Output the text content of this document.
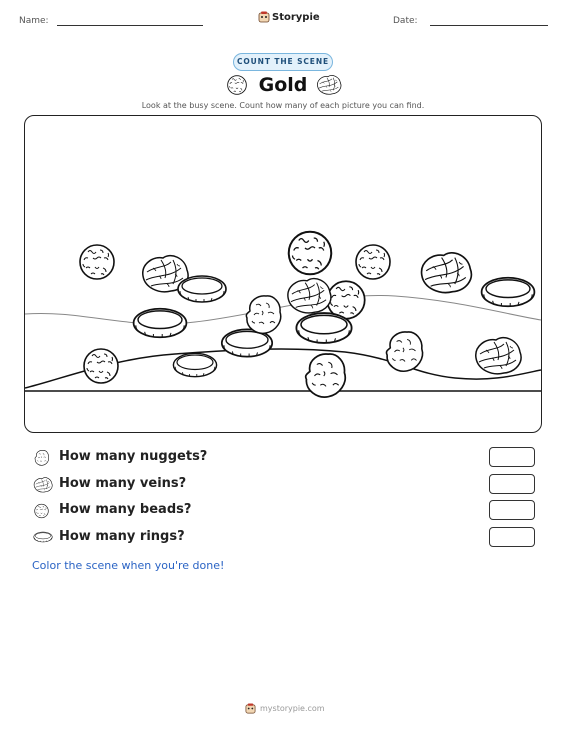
Name:	Storypie	Date:
COUNT THE SCENE
Gold
Look at the busy scene. Count how many of each picture you can find.
How many nuggets?
How many veins?
How many beads?
How many rings?
Color the scene when you're done!
mystorypie.com
